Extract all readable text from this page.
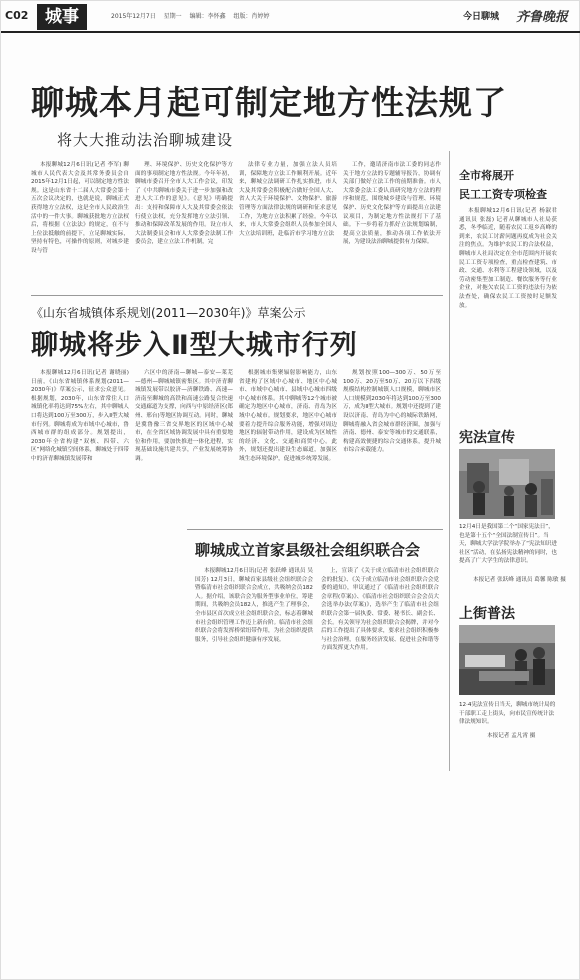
C02 城事	2015年12月7日 星期一 编辑：李怀鑫 组版：肖婷婷	今日聊城 齐鲁晚报
聊城本月起可制定地方性法规了
将大大推动法治聊城建设

本报聊城12月6日讯(记者 李军) 聊城市人民代表大会及其常务委员会自2015年12月1日起，可以制定地方性法规。这是山东省十二届人大常委会第十五次会议决定的，也就是说，聊城正式获得地方立法权，这是全市人民政治生活中的一件大事。聊城获批地方立法权后，将根据《立法法》的规定，在不与上位法抵触的前提下，立足聊城实际，坚持有特色，可操作的原则，对城乡建设与管

理、环境保护、历史文化保护等方面的事项制定地方性法规。今年年初，聊城市委召开全市人大工作会议，印发了《中共聊城市委关于进一步加强和改进人大工作的意见》。《意见》明确提出：支持和保障市人大及其常委会依法行使立法权，充分发挥地方立法引领、推动和保障改革发展的作用。设立市人大法制委员会和市人大常委会法制工作委员会，建立立法工作机制，完

法律专业力量，加强立法人员培训，保障地方立法工作顺利开展。近年来，聊城立法调研工作扎实推进，市人大及其常委会积极配合做好全国人大、省人大关于环境保护、文物保护、旅游管理等方面法律法规的调研和征求意见工作，为地方立法积累了经验。今年以来，市人大常委会组织人员参加全国人大立法培训班，赴临沂市学习地方立法

工作，邀请济南市法工委的同志作关于地方立法的专题辅导报告，协调有关部门做好立法工作的前期准备。市人大常委会法工委认真研究地方立法的程序和规范，围绕城乡建设与管理、环境保护、历史文化保护等方面提出立法建议项目，为制定地方性法规打下了基础。下一步将着力抓好立法规划编制，提高立法质量，推动各项工作依法开展，为建设法治聊城提供有力保障。

《山东省城镇体系规划(2011—2030年)》草案公示
聊城将步入Ⅱ型大城市行列

本报聊城12月6日讯(记者 谢晓丽) 日前，《山东省城镇体系规划(2011—2030年)》草案公示，征求公众意见。根据规划，2030年，山东省常住人口城镇化率将达到75%左右，其中聊城人口将达到100万至300万，步入Ⅱ型大城市行列。聊城将成为市域中心城市，鲁西城市群的组成部分。规划提出，2030年全省构建“双核、四带、六区”网络化城镇空间体系，聊城处于四带中的济青聊城镇发展带和

六区中的济南—聊城—泰安—莱芜—德州—聊城城镇密集区。其中济青聊城镇发展带以胶济—济聊铁路、高速—济南至聊城的高铁和高速公路复合快速交通廊道为支撑，向西与中原经济区(郑州、邢台)等地区协调互动。同时，聊城是冀鲁豫三省交界地区的区域中心城市，在全省区域协调发展中具有重要地位和作用，要加快推进一体化进程，实现基础设施共建共享，产业发展统筹协调。

根据城市集聚辐射影响能力，山东省建构了区域中心城市、地区中心城市、市域中心城市、县域中心城市四级中心城市体系。其中聊城等12个城市被确定为地区中心城市，济南、青岛为区域中心城市。规划要求，地区中心城市要着力提升综合服务功能，增强对周边地区的辐射带动作用，建设成为区域性的经济、文化、交通和商贸中心。此外，规划还提出建设生态廊道，加强区域生态环境保护，促进城乡统筹发展。

规划按照100—300万、50万至100万、20万至50万、20万以下四级规模结构控制城镇人口规模，聊城市区人口规模到2030年将达到100万至300万，成为Ⅱ型大城市。规划中还提到了建设以济南、青岛为中心的城际铁路网，聊城将融入省会城市群经济圈，加强与济南、德州、泰安等城市的交通联系，构建高效便捷的综合交通体系，提升城市综合承载能力。

聊城成立首家县级社会组织联合会

本报聊城12月6日讯(记者 张跃峰 通讯员 吴国芳) 12月3日，聊城首家县级社会组织联合会暨临清市社会组织联合会成立，共吸纳会员182人。据介绍，该联合会为服务型事业单位，筹建期间，共吸纳会员182人，推选产生了理事会，全市县区首次成立社会组织联合会，标志着聊城市社会组织管理工作迈上新台阶。临清市社会组织联合会将发挥桥梁纽带作用，为社会组织提供服务，引导社会组织健康有序发展。

上，宣读了《关于成立临清市社会组织联合会的批复》、《关于成立临清市社会组织联合会党委的通知》，审议通过了《临清市社会组织联合会章程(草案)》、《临清市社会组织联合会会员大会选举办法(草案)》，选举产生了临清市社会组织联合会第一届执委、常委、秘书长、副会长、会长。有关领导为社会组织联合会揭牌，并对今后的工作提出了具体要求，要求社会组织积极参与社会治理，在服务经济发展、促进社会和谐等方面发挥更大作用。

全市将展开
民工工资专项检查

本报聊城12月6日讯(记者 杨淑君 通讯员 张磊) 记者从聊城市人社局获悉，冬季临近，随着农民工返乡高峰的到来，农民工讨薪问题再度成为社会关注的焦点。为维护农民工的合法权益，聊城市人社局决定在全市范围内开展农民工工资专项检查，重点检查建筑、市政、交通、水利等工程建设领域，以及劳动密集型加工制造、餐饮服务等行业企业，对拖欠农民工工资的违法行为依法查处，确保农民工工资按时足额发放。

宪法宣传
12月4日是我国第二个“国家宪法日”，也是第十五个“全国法制宣传日”。当天，聊城大学法学院举办了“宪法知识进社区”活动，在弘扬宪法精神的同时，也提高了广大学生的法律意识。
本报记者 张跃峰 通讯员 葛馨 陈敏 摄
上街普法
12·4宪法宣传日当天，聊城市统计局的干部职工走上街头，向市民宣传统计法律法规知识。
本报记者 孟凡霄 摄
